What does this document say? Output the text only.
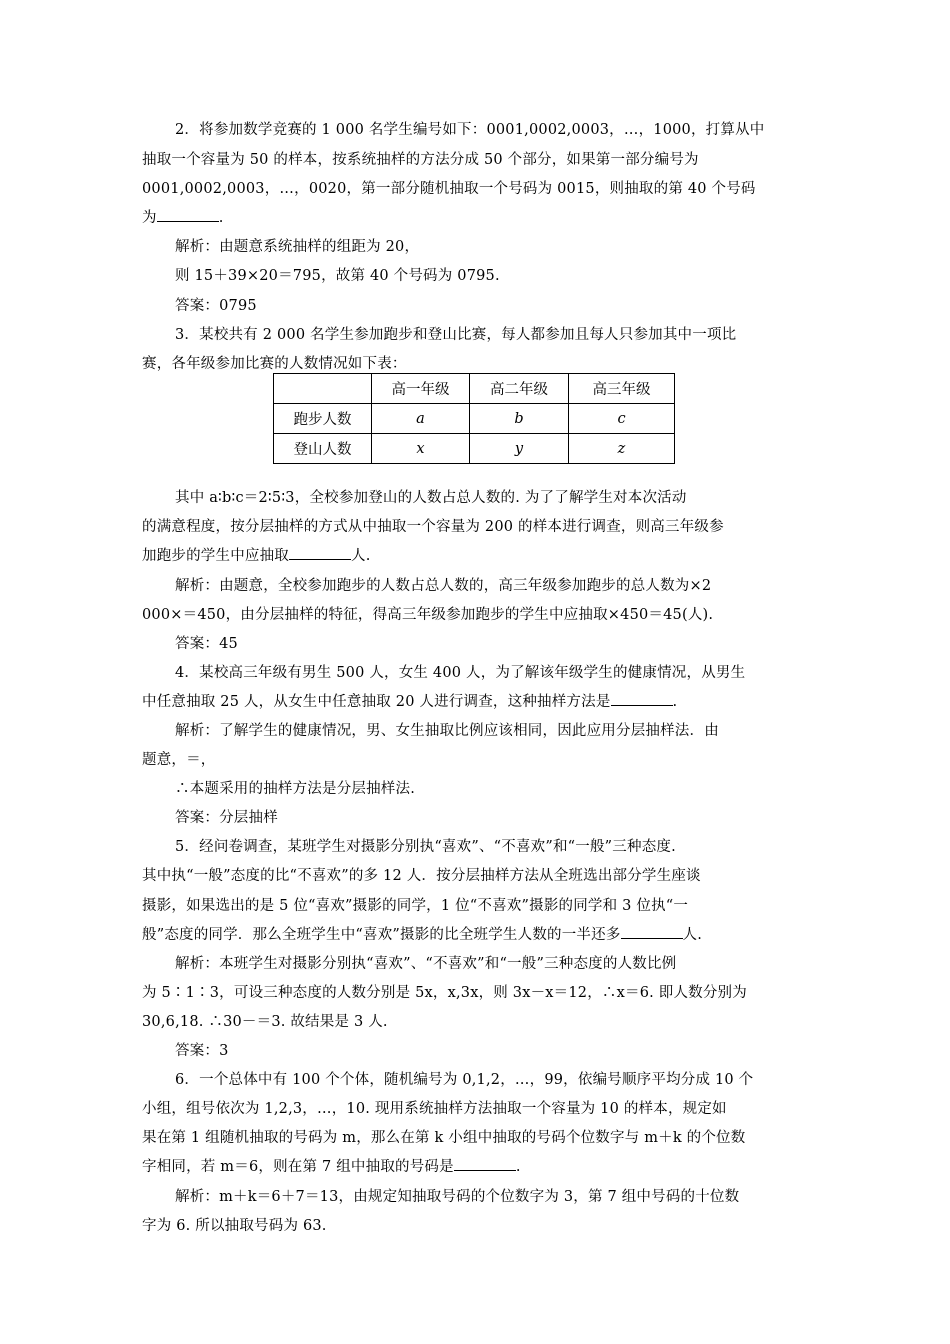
2．将参加数学竞赛的 1 000 名学生编号如下：0001,0002,0003，…，1000，打算从中
抽取一个容量为 50 的样本，按系统抽样的方法分成 50 个部分，如果第一部分编号为
0001,0002,0003，…，0020，第一部分随机抽取一个号码为 0015，则抽取的第 40 个号码
为	.
解析：由题意系统抽样的组距为 20，
则 15＋39×20＝795，故第 40 个号码为 0795.
答案：0795
3．某校共有 2 000 名学生参加跑步和登山比赛，每人都参加且每人只参加其中一项比
赛，各年级参加比赛的人数情况如下表：
	高一年级	高二年级	高三年级
跑步人数	a	b	c
登山人数	x	y	z
其中 a∶b∶c＝2∶5∶3，全校参加登山的人数占总人数的. 为了了解学生对本次活动
的满意程度，按分层抽样的方式从中抽取一个容量为 200 的样本进行调查，则高三年级参
加跑步的学生中应抽取	人.
解析：由题意，全校参加跑步的人数占总人数的，高三年级参加跑步的总人数为×2
000×＝450，由分层抽样的特征，得高三年级参加跑步的学生中应抽取×450＝45(人).
答案：45
4．某校高三年级有男生 500 人，女生 400 人，为了解该年级学生的健康情况，从男生
中任意抽取 25 人，从女生中任意抽取 20 人进行调查，这种抽样方法是	.
解析：了解学生的健康情况，男、女生抽取比例应该相同，因此应用分层抽样法．由
题意，＝，
∴本题采用的抽样方法是分层抽样法.
答案：分层抽样
5．经问卷调查，某班学生对摄影分别执“喜欢”、“不喜欢”和“一般”三种态度.
其中执“一般”态度的比“不喜欢”的多 12 人．按分层抽样方法从全班选出部分学生座谈
摄影，如果选出的是 5 位“喜欢”摄影的同学，1 位“不喜欢”摄影的同学和 3 位执“一
般”态度的同学．那么全班学生中“喜欢”摄影的比全班学生人数的一半还多	人.
解析：本班学生对摄影分别执“喜欢”、“不喜欢”和“一般”三种态度的人数比例
为 5∶1∶3，可设三种态度的人数分别是 5x，x,3x，则 3x－x＝12，∴x＝6. 即人数分别为
30,6,18. ∴30－＝3. 故结果是 3 人.
答案：3
6．一个总体中有 100 个个体，随机编号为 0,1,2，…，99，依编号顺序平均分成 10 个
小组，组号依次为 1,2,3，…，10. 现用系统抽样方法抽取一个容量为 10 的样本，规定如
果在第 1 组随机抽取的号码为 m，那么在第 k 小组中抽取的号码个位数字与 m＋k 的个位数
字相同，若 m＝6，则在第 7 组中抽取的号码是	.
解析：m＋k＝6＋7＝13，由规定知抽取号码的个位数字为 3，第 7 组中号码的十位数
字为 6. 所以抽取号码为 63.
